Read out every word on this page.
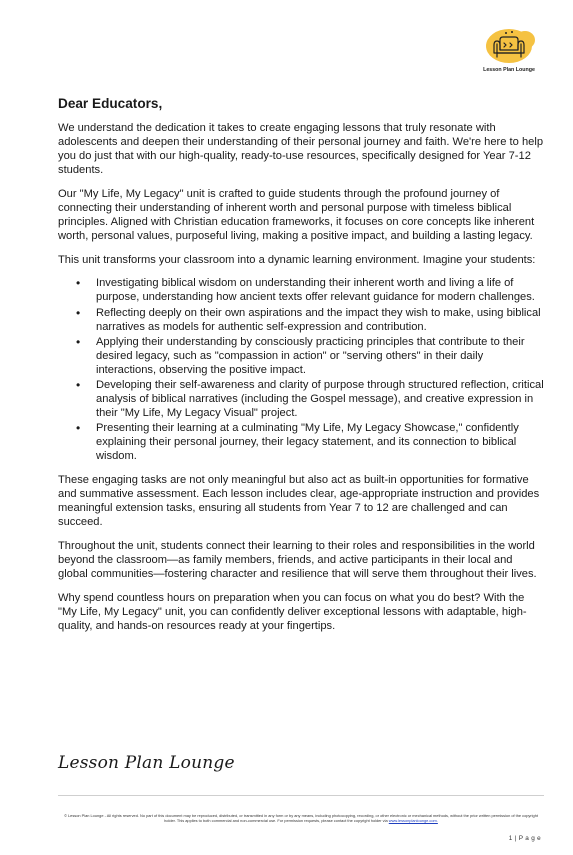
Lesson Plan Lounge
Dear Educators,

We understand the dedication it takes to create engaging lessons that truly resonate with adolescents and deepen their understanding of their personal journey and faith. We're here to help you do just that with our high-quality, ready-to-use resources, specifically designed for Year 7-12 students.

Our "My Life, My Legacy" unit is crafted to guide students through the profound journey of connecting their understanding of inherent worth and personal purpose with timeless biblical principles. Aligned with Christian education frameworks, it focuses on core concepts like inherent worth, personal values, purposeful living, making a positive impact, and building a lasting legacy.

This unit transforms your classroom into a dynamic learning environment. Imagine your students:

• Investigating biblical wisdom on understanding their inherent worth and living a life of purpose, understanding how ancient texts offer relevant guidance for modern challenges.
• Reflecting deeply on their own aspirations and the impact they wish to make, using biblical narratives as models for authentic self-expression and contribution.
• Applying their understanding by consciously practicing principles that contribute to their desired legacy, such as "compassion in action" or "serving others" in their daily interactions, observing the positive impact.
• Developing their self-awareness and clarity of purpose through structured reflection, critical analysis of biblical narratives (including the Gospel message), and creative expression in their "My Life, My Legacy Visual" project.
• Presenting their learning at a culminating "My Life, My Legacy Showcase," confidently explaining their personal journey, their legacy statement, and its connection to biblical wisdom.

These engaging tasks are not only meaningful but also act as built-in opportunities for formative and summative assessment. Each lesson includes clear, age-appropriate instruction and provides meaningful extension tasks, ensuring all students from Year 7 to 12 are challenged and can succeed.

Throughout the unit, students connect their learning to their roles and responsibilities in the world beyond the classroom—as family members, friends, and active participants in their local and global communities—fostering character and resilience that will serve them throughout their lives.

Why spend countless hours on preparation when you can focus on what you do best? With the "My Life, My Legacy" unit, you can confidently deliver exceptional lessons with adaptable, high-quality, and hands-on resources ready at your fingertips.

Lesson Plan Lounge
© Lesson Plan Lounge - All rights reserved. No part of this document may be reproduced, distributed, or transmitted in any form or by any means, including photocopying, recording, or other electronic or mechanical methods, without the prior written permission of the copyright holder. This applies to both commercial and non-commercial use. For permission requests, please contact the copyright holder via www.lessonplanlounge.com.
1 | P a g e
